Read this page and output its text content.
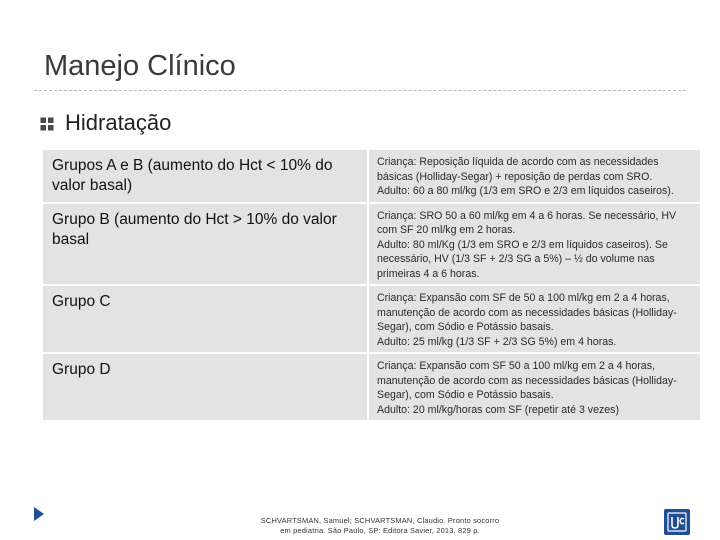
Manejo Clínico
Hidratação
Grupos A e B (aumento do Hct < 10% do valor basal)	Criança: Reposição líquida de acordo com as necessidades básicas (Holliday-Segar) + reposição de perdas com SRO.
Adulto: 60 a 80 ml/kg (1/3 em SRO e 2/3 em líquidos caseiros).

Grupo B (aumento do Hct > 10% do valor basal	Criança: SRO 50 a 60 ml/kg em 4 a 6 horas. Se necessário, HV com SF 20 ml/kg em 2 horas.
Adulto: 80 ml/Kg (1/3 em SRO e 2/3 em líquidos caseiros). Se necessário, HV (1/3 SF + 2/3 SG a 5%) – ½ do volume nas primeiras 4 a 6 horas.

Grupo C	Criança: Expansão com SF de 50 a 100 ml/kg em 2 a 4 horas, manutenção de acordo com as necessidades básicas (Holliday-Segar), com Sódio e Potássio basais.
Adulto: 25 ml/kg (1/3 SF + 2/3 SG 5%) em 4 horas.

Grupo D	Criança: Expansão com SF 50 a 100 ml/kg em 2 a 4 horas, manutenção de acordo com as necessidades básicas (Holliday-Segar), com Sódio e Potássio basais.
Adulto: 20 ml/kg/horas com SF (repetir até 3 vezes)
SCHVARTSMAN, Samuel; SCHVARTSMAN, Claudio. Pronto socorro
em pediatria. São Paulo, SP: Editora Savier, 2013. 829 p.
